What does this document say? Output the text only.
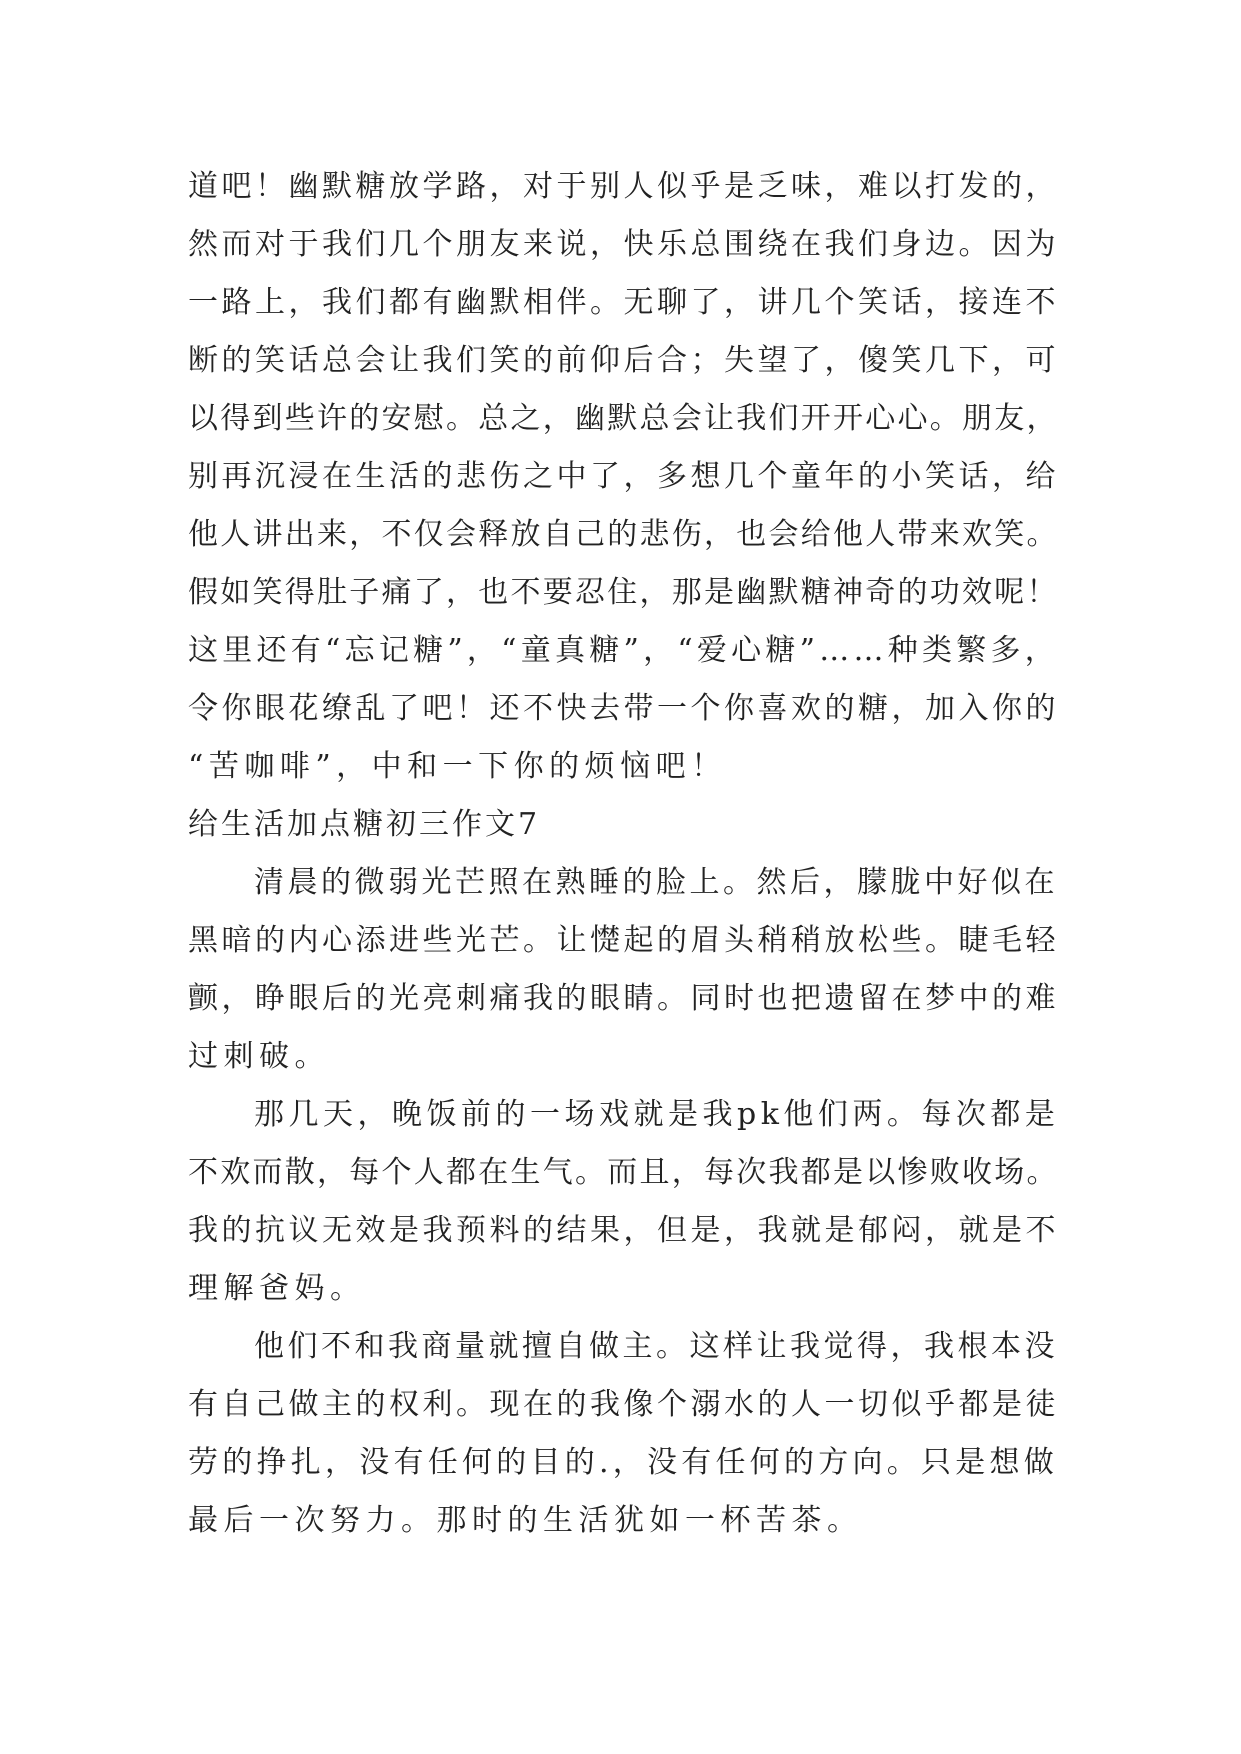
道吧！幽默糖放学路，对于别人似乎是乏味，难以打发的，
然而对于我们几个朋友来说，快乐总围绕在我们身边。因为
一路上，我们都有幽默相伴。无聊了，讲几个笑话，接连不
断的笑话总会让我们笑的前仰后合；失望了，傻笑几下，可
以得到些许的安慰。总之，幽默总会让我们开开心心。朋友，
别再沉浸在生活的悲伤之中了，多想几个童年的小笑话，给
他人讲出来，不仅会释放自己的悲伤，也会给他人带来欢笑。
假如笑得肚子痛了，也不要忍住，那是幽默糖神奇的功效呢！
这里还有“忘记糖”，“童真糖”，“爱心糖”……种类繁多，
令你眼花缭乱了吧！还不快去带一个你喜欢的糖，加入你的
“苦咖啡”，中和一下你的烦恼吧！
给生活加点糖初三作文7
清晨的微弱光芒照在熟睡的脸上。然后，朦胧中好似在
黑暗的内心添进些光芒。让憷起的眉头稍稍放松些。睫毛轻
颤，睁眼后的光亮刺痛我的眼睛。同时也把遗留在梦中的难
过刺破。
那几天，晚饭前的一场戏就是我pk他们两。每次都是
不欢而散，每个人都在生气。而且，每次我都是以惨败收场。
我的抗议无效是我预料的结果，但是，我就是郁闷，就是不
理解爸妈。
他们不和我商量就擅自做主。这样让我觉得，我根本没
有自己做主的权利。现在的我像个溺水的人一切似乎都是徒
劳的挣扎，没有任何的目的.，没有任何的方向。只是想做
最后一次努力。那时的生活犹如一杯苦茶。
